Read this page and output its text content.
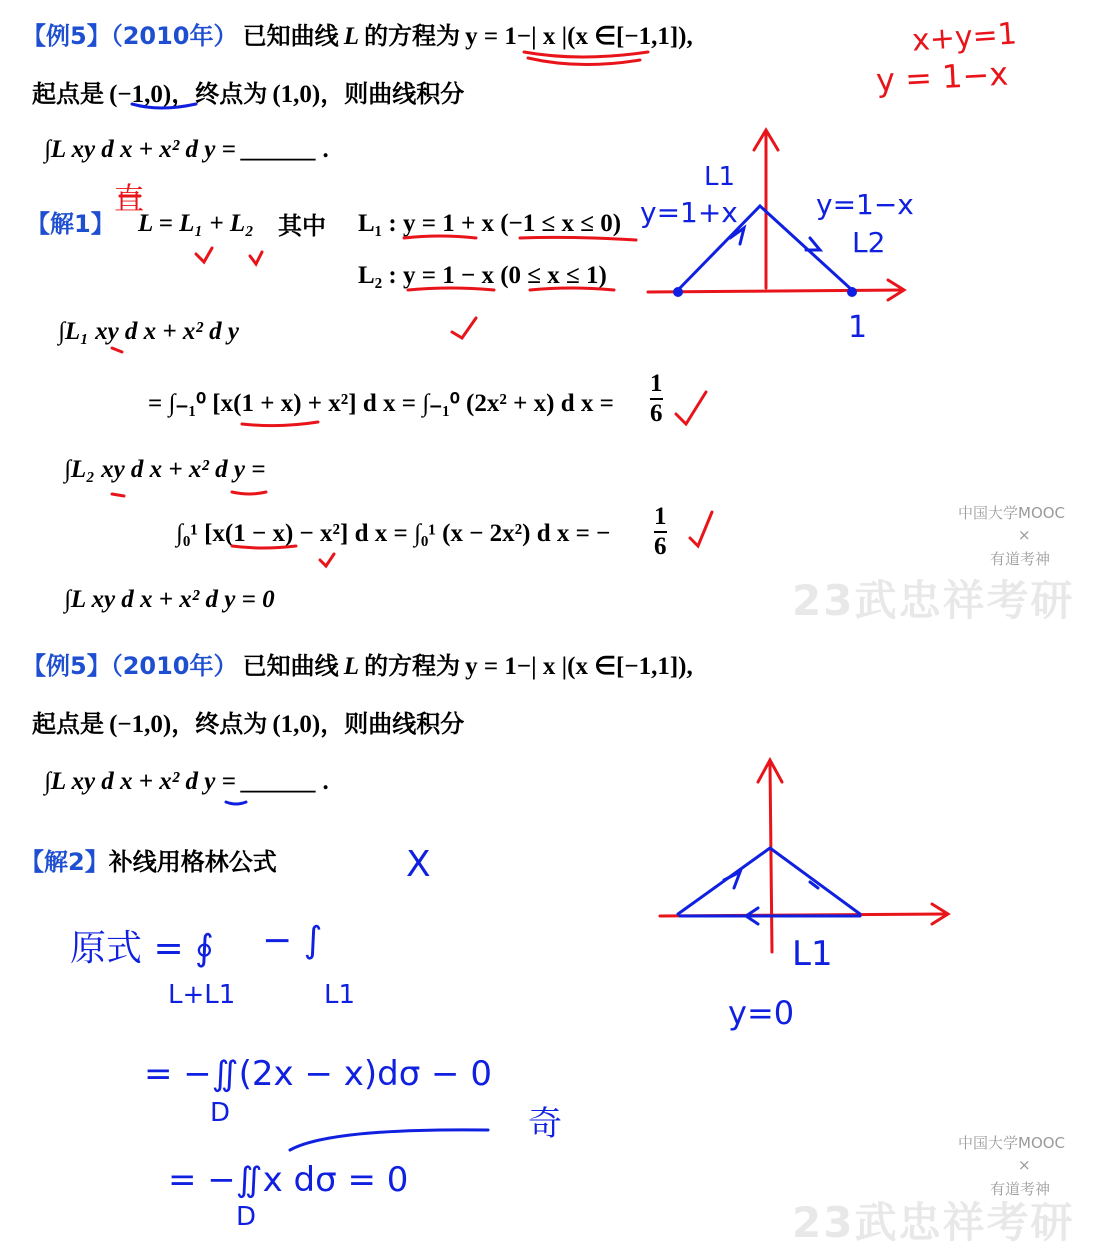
【例5】（2010年） 已知曲线 L 的方程为 y = 1−| x |(x ∈[−1,1]),
起点是 (−1,0)，终点为 (1,0)，则曲线积分
∫L xy d x + x² d y = ______ .
【解1】 L = L₁ + L₂ 其中 L₁ : y = 1 + x (−1 ≤ x ≤ 0)
L₂ : y = 1 − x (0 ≤ x ≤ 1)
∫L₁ xy d x + x² d y
= ∫₋₁⁰ [x(1 + x) + x²] d x = ∫₋₁⁰ (2x² + x) d $x = \frac{1}{6}$
∫L₂ xy d x + x² d y =
∫₀¹ [x(1 − x) − x²] d x = ∫₀¹ (x − 2x²) d x = − $\frac{1}{6}$
∫L xy d x + x² d y = 0
【例5】（2010年） 已知曲线 L 的方程为 y = 1−| x |(x ∈[−1,1]),
起点是 (−1,0)，终点为 (1,0)，则曲线积分
∫L xy d x + x² d y = ______ .
【解2】补线用格林公式
x+y=1
y = 1−x
直
L1
L2
y=1+x	y=1−x
1
L1
y=0
X
原式 = ∮ − ∫
L+L1	L1
= −∬(2x − x)dσ − 0
D
= −∬x dσ = 0
D
奇
中国大学MOOC
×
有道考神
23武忠祥考研
中国大学MOOC
×
有道考神
23武忠祥考研
